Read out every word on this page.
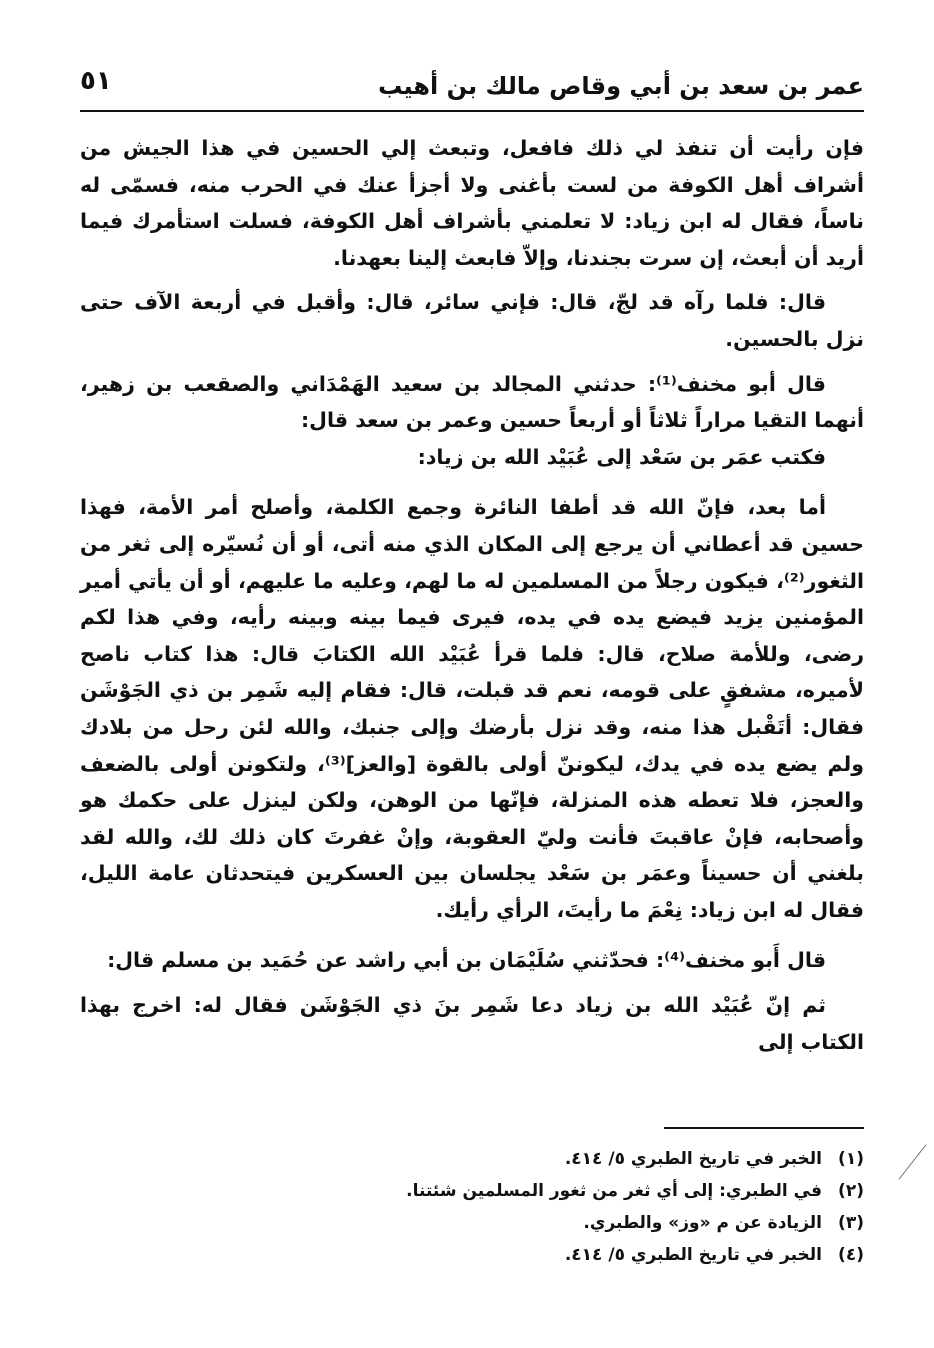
عمر بن سعد بن أبي وقاص مالك بن أهيب
٥١

فإن رأيت أن تنفذ لي ذلك فافعل، وتبعث إلي الحسين في هذا الجيش من أشراف أهل الكوفة من لست بأغنى ولا أجزأ عنك في الحرب منه، فسمّى له ناساً، فقال له ابن زياد: لا تعلمني بأشراف أهل الكوفة، فسلت استأمرك فيما أريد أن أبعث، إن سرت بجندنا، وإلاّ فابعث إلينا بعهدنا.

قال: فلما رآه قد لجّ، قال: فإني سائر، قال: وأقبل في أربعة الآف حتى نزل بالحسين.

قال أبو مخنف⁽¹⁾: حدثني المجالد بن سعيد الهَمْدَاني والصقعب بن زهير، أنهما التقيا مراراً ثلاثاً أو أربعاً حسين وعمر بن سعد قال:

فكتب عمَر بن سَعْد إلى عُبَيْد الله بن زياد:

أما بعد، فإنّ الله قد أطفا النائرة وجمع الكلمة، وأصلح أمر الأمة، فهذا حسين قد أعطاني أن يرجع إلى المكان الذي منه أتى، أو أن نُسيّره إلى ثغر من الثغور⁽²⁾، فيكون رجلاً من المسلمين له ما لهم، وعليه ما عليهم، أو أن يأتي أمير المؤمنين يزيد فيضع يده في يده، فيرى فيما بينه وبينه رأيه، وفي هذا لكم رضى، وللأمة صلاح، قال: فلما قرأ عُبَيْد الله الكتابَ قال: هذا كتاب ناصح لأميره، مشفقٍ على قومه، نعم قد قبلت، قال: فقام إليه شَمِر بن ذي الجَوْشَن فقال: أتَقْبل هذا منه، وقد نزل بأرضك وإلى جنبك، والله لئن رحل من بلادك ولم يضع يده في يدك، ليكوننّ أولى بالقوة [والعز]⁽³⁾، ولتكونن أولى بالضعف والعجز، فلا تعطه هذه المنزلة، فإنّها من الوهن، ولكن لينزل على حكمك هو وأصحابه، فإنْ عاقبتَ فأنت وليّ العقوبة، وإنْ غفرتَ كان ذلك لك، والله لقد بلغني أن حسيناً وعمَر بن سَعْد يجلسان بين العسكرين فيتحدثان عامة الليل، فقال له ابن زياد: نِعْمَ ما رأيتَ، الرأي رأيك.

قال أَبو مخنف⁽⁴⁾: فحدّثني سُلَيْمَان بن أبي راشد عن حُمَيد بن مسلم قال:

ثم إنّ عُبَيْد الله بن زياد دعا شَمِر بنَ ذي الجَوْشَن فقال له: اخرج بهذا الكتاب إلى

(١)الخبر في تاريخ الطبري ٥/ ٤١٤.
(٢)في الطبري: إلى أي ثغر من ثغور المسلمين شئتنا.
(٣)الزيادة عن م «وز» والطبري.
(٤)الخبر في تاريخ الطبري ٥/ ٤١٤.
